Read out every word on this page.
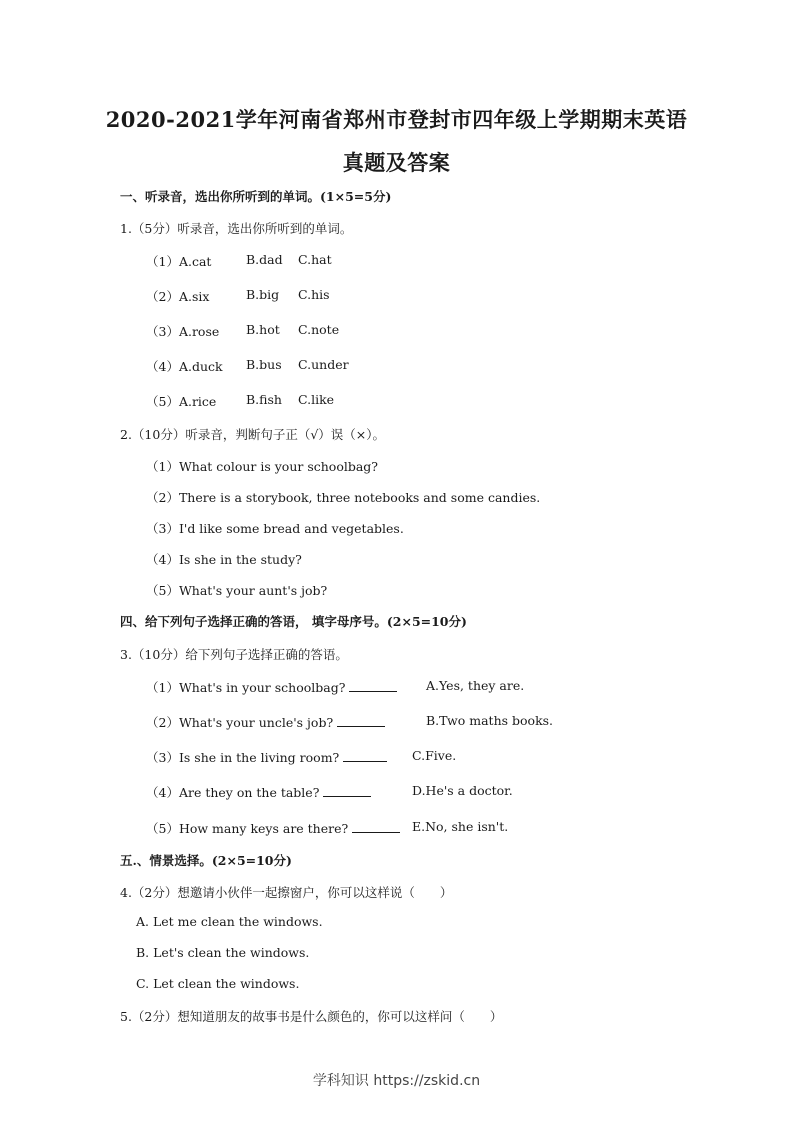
2020-2021学年河南省郑州市登封市四年级上学期期末英语
真题及答案
一、听录音，选出你所听到的单词。(1×5=5分)
1.（5分）听录音，选出你所听到的单词。
（1）A.cat	B.dad C.hat
（2）A.six	B.big C.his
（3）A.rose B.hot C.note
（4）A.duck B.bus C.under
（5）A.rice B.fish C.like
2.（10分）听录音，判断句子正（√）误（×）。
（1）What colour is your schoolbag?
（2）There is a storybook, three notebooks and some candies.
（3）I'd like some bread and vegetables.
（4）Is she in the study?
（5）What's your aunt's job?
四、给下列句子选择正确的答语， 填字母序号。(2×5=10分)
3.（10分）给下列句子选择正确的答语。
（1）What's in your schoolbag?	A.Yes, they are.
（2）What's your uncle's job?	B.Two maths books.
（3）Is she in the living room?	C.Five.
（4）Are they on the table?	D.He's a doctor.
（5）How many keys are there?	E.No, she isn't.
五.、情景选择。(2×5=10分)
4.（2分）想邀请小伙伴一起擦窗户，你可以这样说（　　）
A. Let me clean the windows.
B. Let's clean the windows.
C. Let clean the windows.
5.（2分）想知道朋友的故事书是什么颜色的，你可以这样问（　　）
学科知识 https://zskid.cn
